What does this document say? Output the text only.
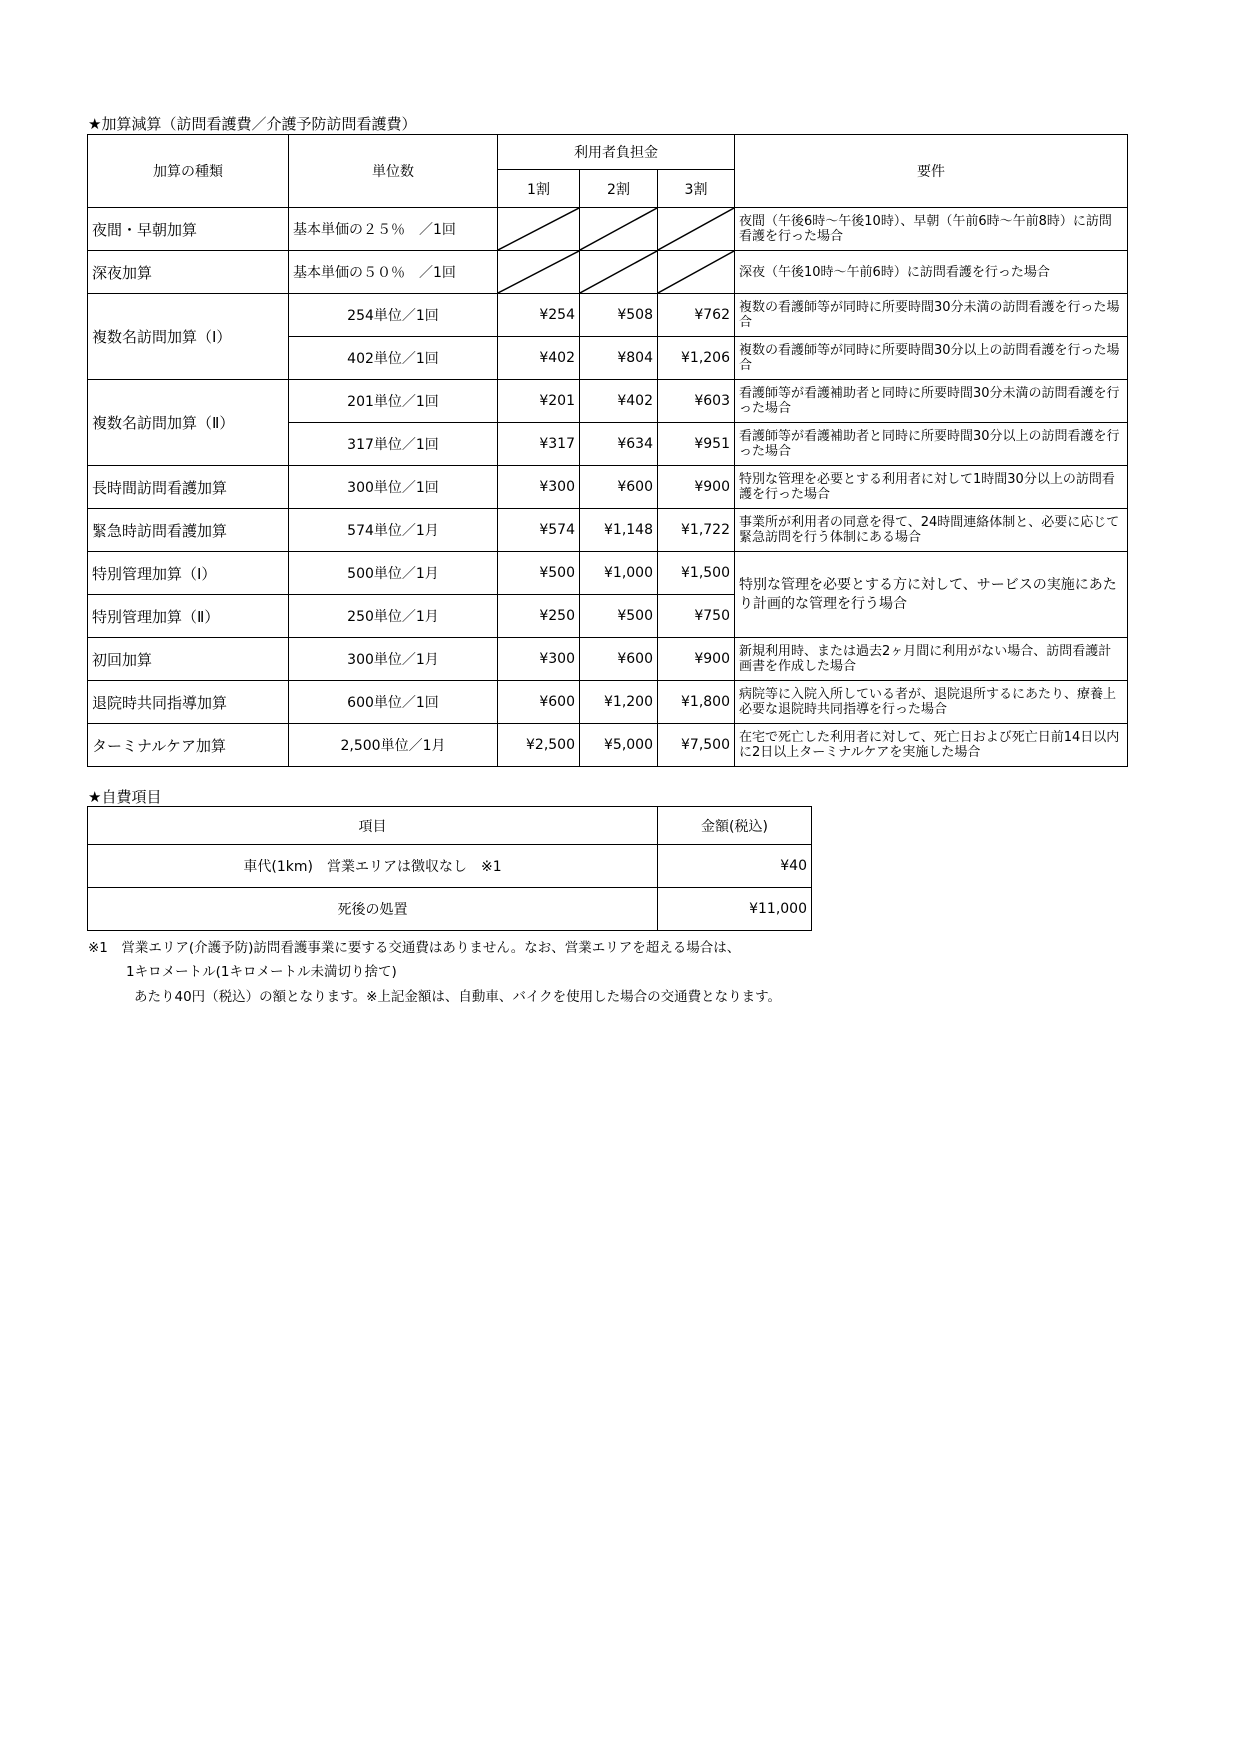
★加算減算（訪問看護費／介護予防訪問看護費）
加算の種類	単位数	利用者負担金			要件
		1割	2割	3割	
夜間・早朝加算	基本単価の２５％　／1回				夜間（午後6時～午後10時）、早朝（午前6時～午前8時）に訪問看護を行った場合
深夜加算	基本単価の５０％　／1回				深夜（午後10時～午前6時）に訪問看護を行った場合
複数名訪問加算（Ⅰ）	254単位／1回	¥254	¥508	¥762	複数の看護師等が同時に所要時間30分未満の訪問看護を行った場合
	402単位／1回	¥402	¥804	¥1,206	複数の看護師等が同時に所要時間30分以上の訪問看護を行った場合
複数名訪問加算（Ⅱ）	201単位／1回	¥201	¥402	¥603	看護師等が看護補助者と同時に所要時間30分未満の訪問看護を行った場合
	317単位／1回	¥317	¥634	¥951	看護師等が看護補助者と同時に所要時間30分以上の訪問看護を行った場合
長時間訪問看護加算	300単位／1回	¥300	¥600	¥900	特別な管理を必要とする利用者に対して1時間30分以上の訪問看護を行った場合
緊急時訪問看護加算	574単位／1月	¥574	¥1,148	¥1,722	事業所が利用者の同意を得て、24時間連絡体制と、必要に応じて緊急訪問を行う体制にある場合
特別管理加算（Ⅰ）	500単位／1月	¥500	¥1,000	¥1,500	特別な管理を必要とする方に対して、サービスの実施にあたり計画的な管理を行う場合
特別管理加算（Ⅱ）	250単位／1月	¥250	¥500	¥750	
初回加算	300単位／1月	¥300	¥600	¥900	新規利用時、または過去2ヶ月間に利用がない場合、訪問看護計画書を作成した場合
退院時共同指導加算	600単位／1回	¥600	¥1,200	¥1,800	病院等に入院入所している者が、退院退所するにあたり、療養上必要な退院時共同指導を行った場合
ターミナルケア加算	2,500単位／1月	¥2,500	¥5,000	¥7,500	在宅で死亡した利用者に対して、死亡日および死亡日前14日以内に2日以上ターミナルケアを実施した場合
★自費項目
項目	金額(税込)
車代(1km)　営業エリアは徴収なし　※1	¥40
死後の処置	¥11,000
※1　営業エリア(介護予防)訪問看護事業に要する交通費はありません。なお、営業エリアを超える場合は、
1キロメートル(1キロメートル未満切り捨て)
あたり40円（税込）の額となります。※上記金額は、自動車、バイクを使用した場合の交通費となります。
